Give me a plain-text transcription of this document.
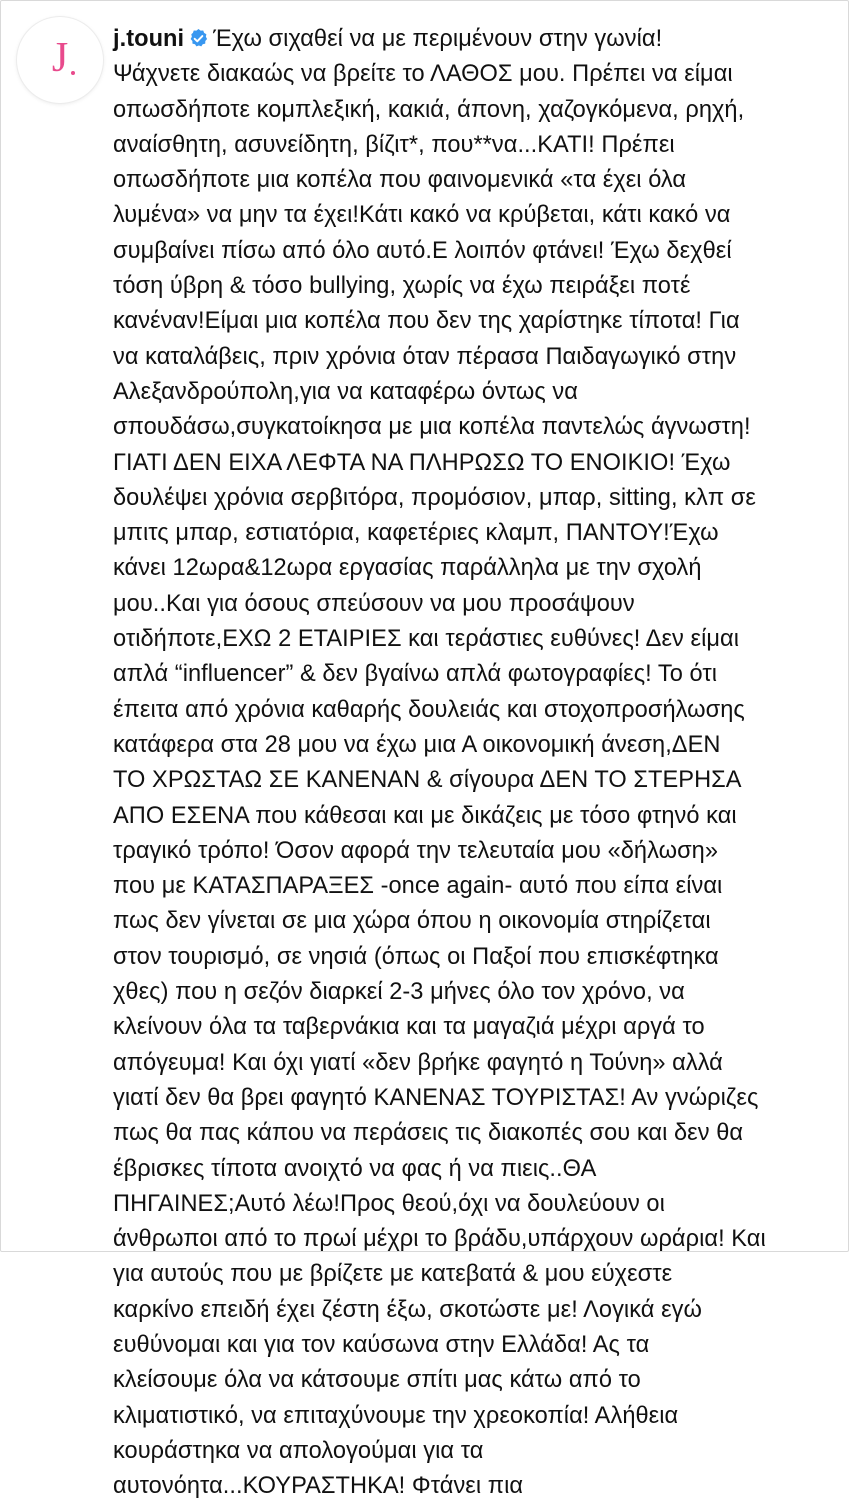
J j.touni Έχω σιχαθεί να με περιμένουν στην γωνία!
Ψάχνετε διακαώς να βρείτε το ΛΑΘΟΣ μου. Πρέπει να είμαι
οπωσδήποτε κομπλεξική, κακιά, άπονη, χαζογκόμενα, ρηχή,
αναίσθητη, ασυνείδητη, βίζιτ*, που**να...ΚΑΤΙ! Πρέπει
οπωσδήποτε μια κοπέλα που φαινομενικά «τα έχει όλα
λυμένα» να μην τα έχει!Κάτι κακό να κρύβεται, κάτι κακό να
συμβαίνει πίσω από όλο αυτό.Ε λοιπόν φτάνει! Έχω δεχθεί
τόση ύβρη & τόσο bullying, χωρίς να έχω πειράξει ποτέ
κανέναν!Είμαι μια κοπέλα που δεν της χαρίστηκε τίποτα! Για
να καταλάβεις, πριν χρόνια όταν πέρασα Παιδαγωγικό στην
Αλεξανδρούπολη,για να καταφέρω όντως να
σπουδάσω,συγκατοίκησα με μια κοπέλα παντελώς άγνωστη!
ΓΙΑΤΙ ΔΕΝ ΕΙΧΑ ΛΕΦΤΑ ΝΑ ΠΛΗΡΩΣΩ ΤΟ ΕΝΟΙΚΙΟ! Έχω
δουλέψει χρόνια σερβιτόρα, προμόσιον, μπαρ, sitting, κλπ σε
μπιτς μπαρ, εστιατόρια, καφετέριες κλαμπ, ΠΑΝΤΟΥ!Έχω
κάνει 12ωρα&12ωρα εργασίας παράλληλα με την σχολή
μου..Και για όσους σπεύσουν να μου προσάψουν
οτιδήποτε,ΕΧΩ 2 ΕΤΑΙΡΙΕΣ και τεράστιες ευθύνες! Δεν είμαι
απλά “influencer” & δεν βγαίνω απλά φωτογραφίες! Το ότι
έπειτα από χρόνια καθαρής δουλειάς και στοχοπροσήλωσης
κατάφερα στα 28 μου να έχω μια Α οικονομική άνεση,ΔΕΝ
ΤΟ ΧΡΩΣΤΑΩ ΣΕ ΚΑΝΕΝΑΝ & σίγουρα ΔΕΝ ΤΟ ΣΤΕΡΗΣΑ
ΑΠΟ ΕΣΕΝΑ που κάθεσαι και με δικάζεις με τόσο φτηνό και
τραγικό τρόπο! Όσον αφορά την τελευταία μου «δήλωση»
που με ΚΑΤΑΣΠΑΡΑΞΕΣ -once again- αυτό που είπα είναι
πως δεν γίνεται σε μια χώρα όπου η οικονομία στηρίζεται
στον τουρισμό, σε νησιά (όπως οι Παξοί που επισκέφτηκα
χθες) που η σεζόν διαρκεί 2-3 μήνες όλο τον χρόνο, να
κλείνουν όλα τα ταβερνάκια και τα μαγαζιά μέχρι αργά το
απόγευμα! Και όχι γιατί «δεν βρήκε φαγητό η Τούνη» αλλά
γιατί δεν θα βρει φαγητό ΚΑΝΕΝΑΣ ΤΟΥΡΙΣΤΑΣ! Αν γνώριζες
πως θα πας κάπου να περάσεις τις διακοπές σου και δεν θα
έβρισκες τίποτα ανοιχτό να φας ή να πιεις..ΘΑ
ΠΗΓΑΙΝΕΣ;Αυτό λέω!Προς θεού,όχι να δουλεύουν οι
άνθρωποι από το πρωί μέχρι το βράδυ,υπάρχουν ωράρια! Και
για αυτούς που με βρίζετε με κατεβατά & μου εύχεστε
καρκίνο επειδή έχει ζέστη έξω, σκοτώστε με! Λογικά εγώ
ευθύνομαι και για τον καύσωνα στην Ελλάδα! Ας τα
κλείσουμε όλα να κάτσουμε σπίτι μας κάτω από το
κλιματιστικό, να επιταχύνουμε την χρεοκοπία! Αλήθεια
κουράστηκα να απολογούμαι για τα
αυτονόητα...ΚΟΥΡΑΣΤΗΚΑ! Φτάνει πια
